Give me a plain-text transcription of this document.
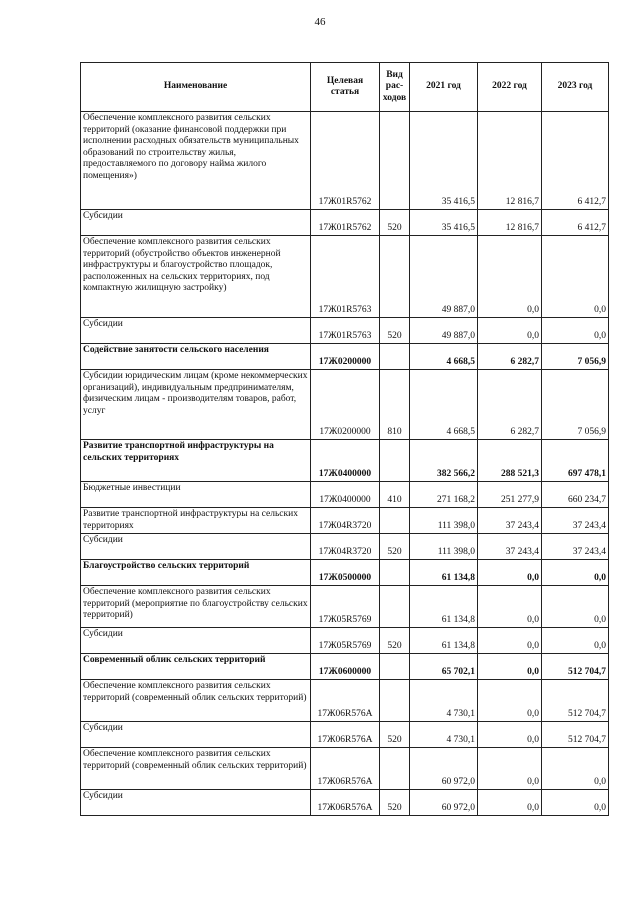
46
Наименование	Целевая статья	Вид рас-ходов	2021 год	2022 год	2023 год
Обеспечение комплексного развития сельских территорий (оказание финансовой поддержки при исполнении расходных обязательств муниципальных образований по строительству жилья, предоставляемого по договору найма жилого помещения»)	17Ж01R5762		35 416,5	12 816,7	6 412,7
Субсидии	17Ж01R5762	520	35 416,5	12 816,7	6 412,7
Обеспечение комплексного развития сельских территорий (обустройство объектов инженерной инфраструктуры и благоустройство площадок, расположенных на сельских территориях, под компактную жилищную застройку)	17Ж01R5763		49 887,0	0,0	0,0
Субсидии	17Ж01R5763	520	49 887,0	0,0	0,0
Содействие занятости сельского населения	17Ж0200000		4 668,5	6 282,7	7 056,9
Субсидии юридическим лицам (кроме некоммерческих организаций), индивидуальным предпринимателям, физическим лицам - производителям товаров, работ, услуг	17Ж0200000	810	4 668,5	6 282,7	7 056,9
Развитие транспортной инфраструктуры на сельских территориях	17Ж0400000		382 566,2	288 521,3	697 478,1
Бюджетные инвестиции	17Ж0400000	410	271 168,2	251 277,9	660 234,7
Развитие транспортной инфраструктуры на сельских территориях	17Ж04R3720		111 398,0	37 243,4	37 243,4
Субсидии	17Ж04R3720	520	111 398,0	37 243,4	37 243,4
Благоустройство сельских территорий	17Ж0500000		61 134,8	0,0	0,0
Обеспечение комплексного развития сельских территорий (мероприятие по благоустройству сельских территорий)	17Ж05R5769		61 134,8	0,0	0,0
Субсидии	17Ж05R5769	520	61 134,8	0,0	0,0
Современный облик сельских территорий	17Ж0600000		65 702,1	0,0	512 704,7
Обеспечение комплексного развития сельских территорий (современный облик сельских территорий)	17Ж06R576А		4 730,1	0,0	512 704,7
Субсидии	17Ж06R576А	520	4 730,1	0,0	512 704,7
Обеспечение комплексного развития сельских территорий (современный облик сельских территорий)	17Ж06R576А		60 972,0	0,0	0,0
Субсидии	17Ж06R576А	520	60 972,0	0,0	0,0
